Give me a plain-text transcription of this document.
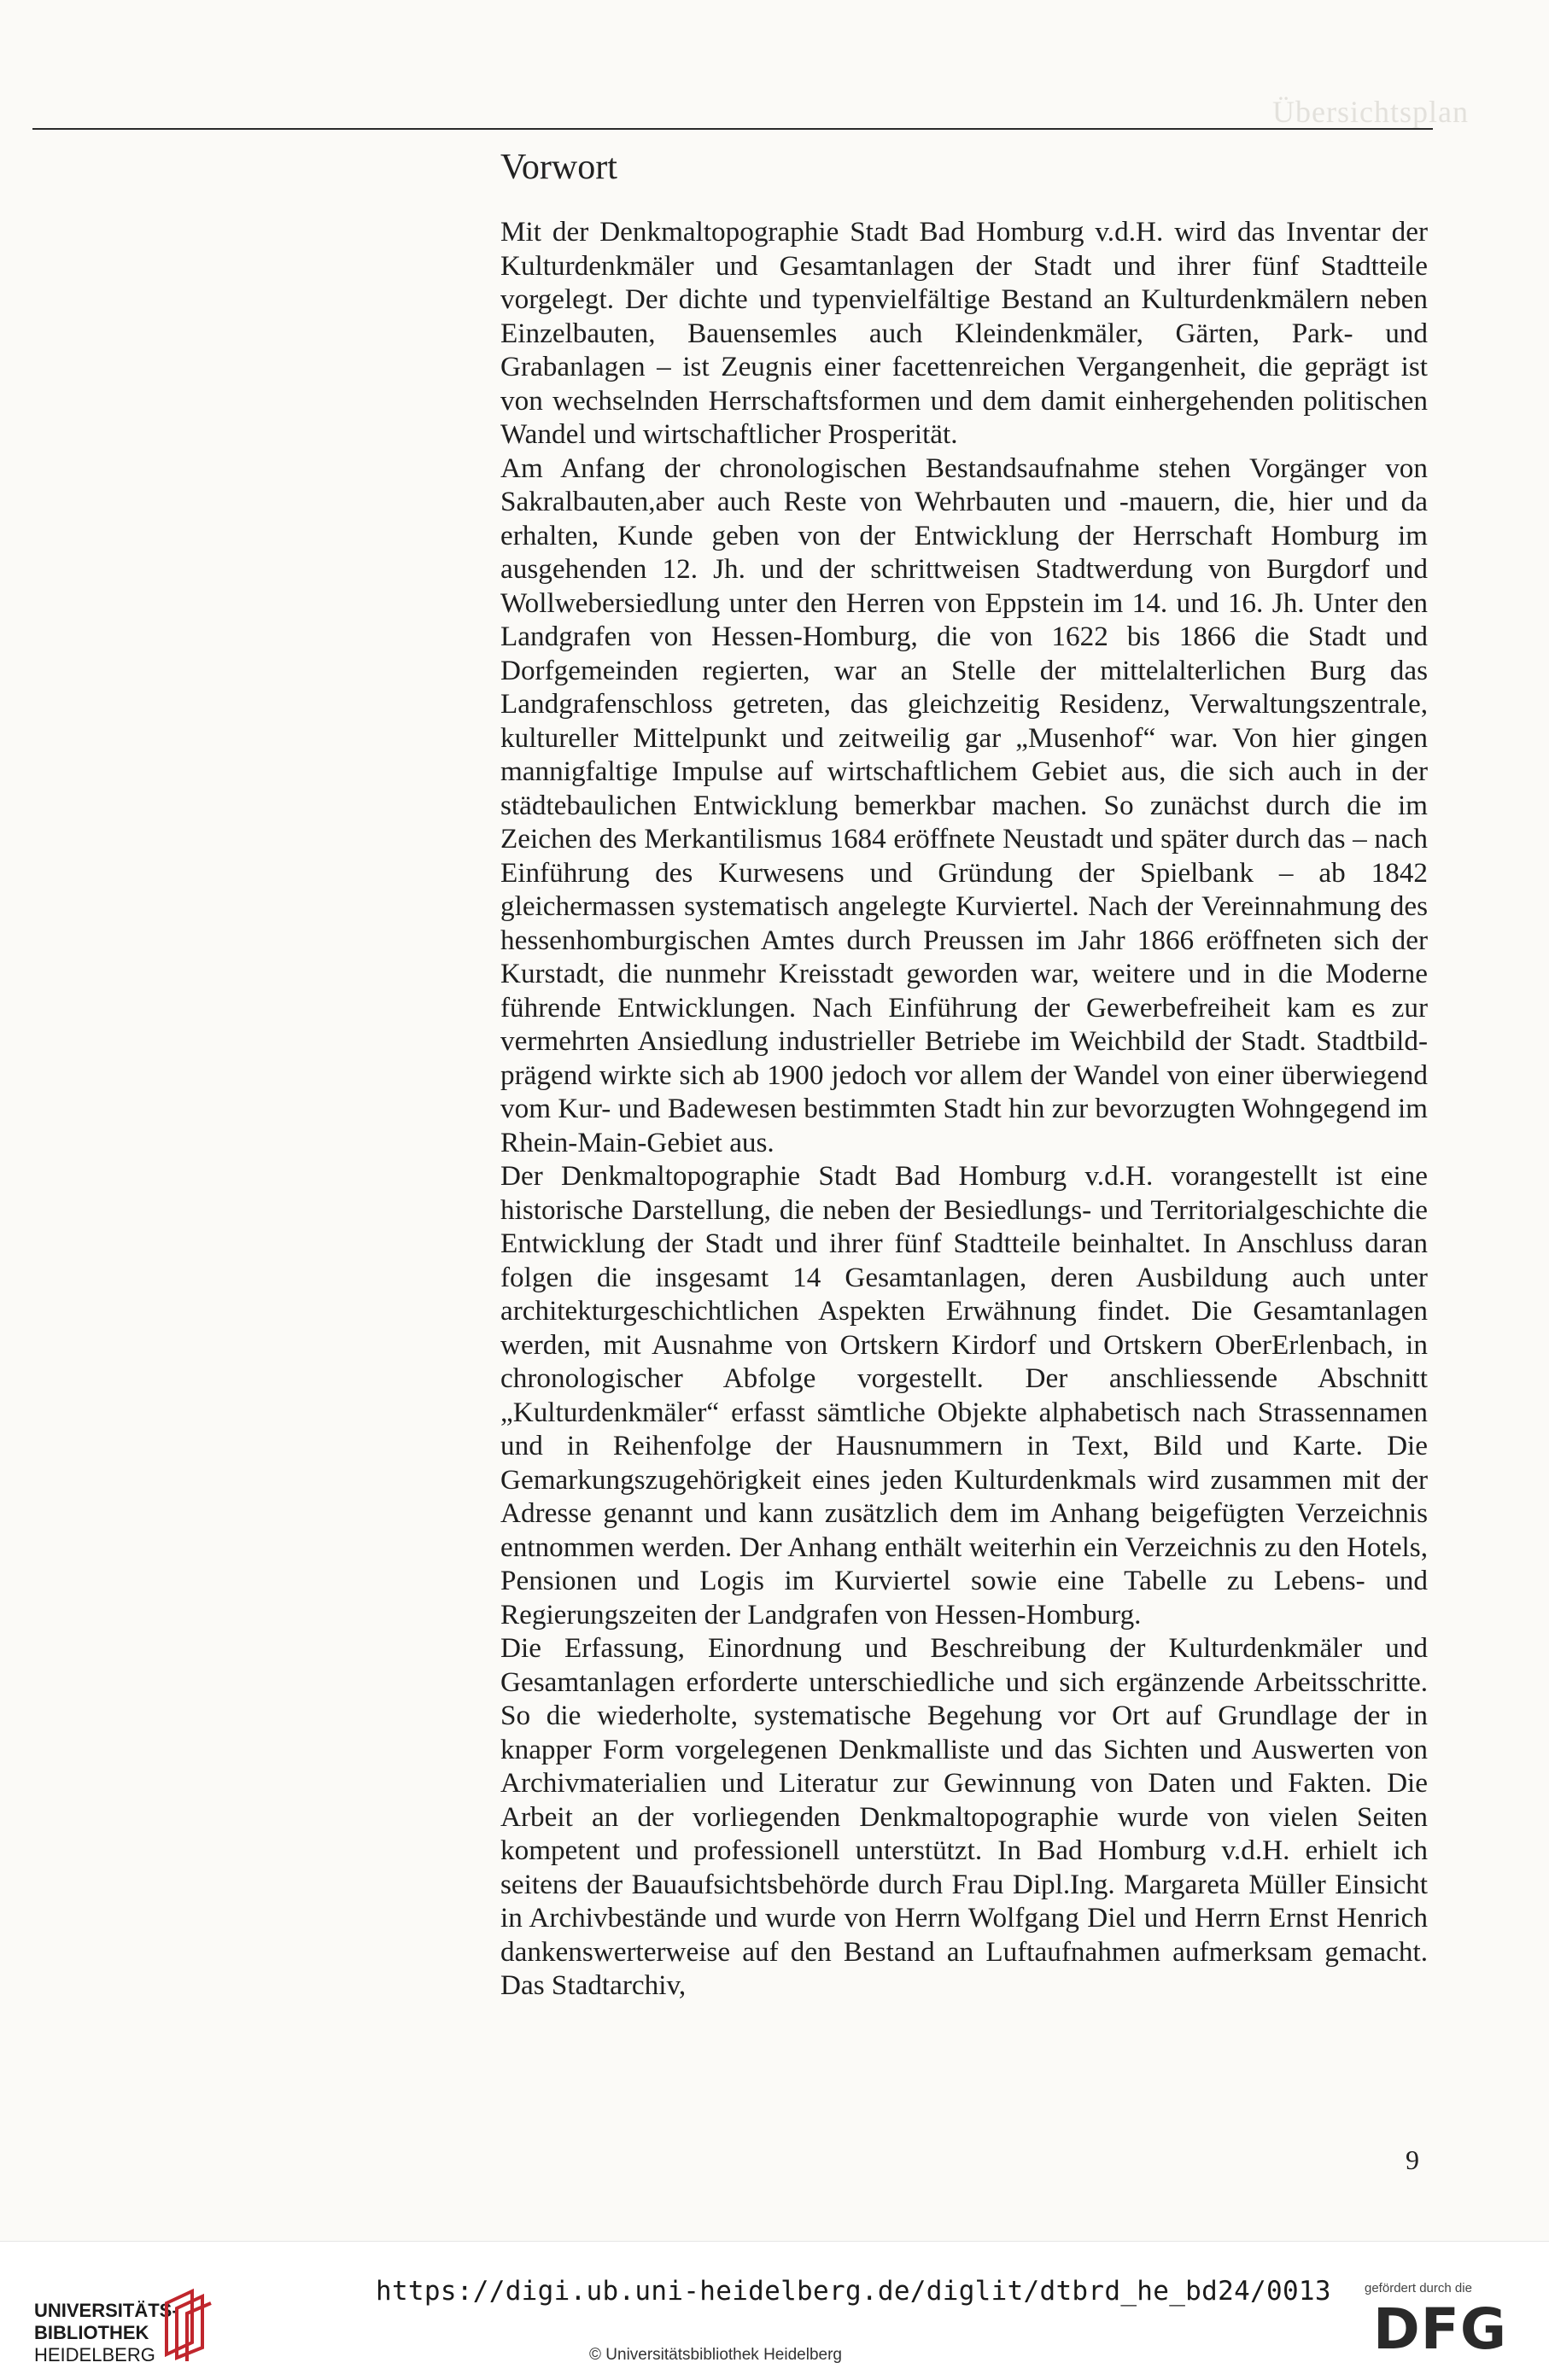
Übersichtsplan
Vorwort

Mit der Denkmaltopographie Stadt Bad Homburg v.d.H. wird das Inventar der Kulturdenkmäler und Gesamtanlagen der Stadt und ihrer fünf Stadtteile vorgelegt. Der dichte und typenvielfältige Bestand an Kulturdenkmälern neben Einzelbauten, Bauensemles auch Kleindenkmäler, Gärten, Park- und Grabanlagen – ist Zeugnis einer facettenreichen Vergangenheit, die geprägt ist von wechselnden Herrschaftsformen und dem damit einhergehenden politischen Wandel und wirtschaftlicher Prosperität.

Am Anfang der chronologischen Bestandsaufnahme stehen Vorgänger von Sakralbauten,aber auch Reste von Wehrbauten und -mauern, die, hier und da erhalten, Kunde geben von der Entwicklung der Herrschaft Homburg im ausgehenden 12. Jh. und der schrittweisen Stadtwerdung von Burgdorf und Wollwebersiedlung unter den Herren von Eppstein im 14. und 16. Jh. Unter den Landgrafen von Hessen-Homburg, die von 1622 bis 1866 die Stadt und Dorfgemeinden regierten, war an Stelle der mittelalterlichen Burg das Landgrafenschloss getreten, das gleichzeitig Residenz, Verwaltungszentrale, kultureller Mittelpunkt und zeitweilig gar „Musenhof“ war. Von hier gingen mannigfaltige Impulse auf wirtschaftlichem Gebiet aus, die sich auch in der städtebaulichen Entwicklung bemerkbar machen. So zunächst durch die im Zeichen des Merkantilismus 1684 eröffnete Neustadt und später durch das – nach Einführung des Kurwesens und Gründung der Spielbank – ab 1842 gleichermassen systematisch angelegte Kurviertel. Nach der Vereinnahmung des hessenhomburgischen Amtes durch Preussen im Jahr 1866 eröffneten sich der Kurstadt, die nunmehr Kreisstadt geworden war, weitere und in die Moderne führende Entwicklungen. Nach Einführung der Gewerbefreiheit kam es zur vermehrten Ansiedlung industrieller Betriebe im Weichbild der Stadt. Stadtbildprägend wirkte sich ab 1900 jedoch vor allem der Wandel von einer überwiegend vom Kur- und Badewesen bestimmten Stadt hin zur bevorzugten Wohngegend im Rhein-Main-Gebiet aus.

Der Denkmaltopographie Stadt Bad Homburg v.d.H. vorangestellt ist eine historische Darstellung, die neben der Besiedlungs- und Territorialgeschichte die Entwicklung der Stadt und ihrer fünf Stadtteile beinhaltet. In Anschluss daran folgen die insgesamt 14 Gesamtanlagen, deren Ausbildung auch unter architekturgeschichtlichen Aspekten Erwähnung findet. Die Gesamtanlagen werden, mit Ausnahme von Ortskern Kirdorf und Ortskern OberErlenbach, in chronologischer Abfolge vorgestellt. Der anschliessende Abschnitt „Kulturdenkmäler“ erfasst sämtliche Objekte alphabetisch nach Strassennamen und in Reihenfolge der Hausnummern in Text, Bild und Karte. Die Gemarkungszugehörigkeit eines jeden Kulturdenkmals wird zusammen mit der Adresse genannt und kann zusätzlich dem im Anhang beigefügten Verzeichnis entnommen werden. Der Anhang enthält weiterhin ein Verzeichnis zu den Hotels, Pensionen und Logis im Kurviertel sowie eine Tabelle zu Lebens- und Regierungszeiten der Landgrafen von Hessen-Homburg.

Die Erfassung, Einordnung und Beschreibung der Kulturdenkmäler und Gesamtanlagen erforderte unterschiedliche und sich ergänzende Arbeitsschritte. So die wiederholte, systematische Begehung vor Ort auf Grundlage der in knapper Form vorgelegenen Denkmalliste und das Sichten und Auswerten von Archivmaterialien und Literatur zur Gewinnung von Daten und Fakten. Die Arbeit an der vorliegenden Denkmaltopographie wurde von vielen Seiten kompetent und professionell unterstützt. In Bad Homburg v.d.H. erhielt ich seitens der Bauaufsichtsbehörde durch Frau Dipl.Ing. Margareta Müller Einsicht in Archivbestände und wurde von Herrn Wolfgang Diel und Herrn Ernst Henrich dankenswerterweise auf den Bestand an Luftaufnahmen aufmerksam gemacht. Das Stadtarchiv,

9
UNIVERSITÄTS-
BIBLIOTHEK
HEIDELBERG
https://digi.ub.uni-heidelberg.de/diglit/dtbrd_he_bd24/0013
© Universitätsbibliothek Heidelberg
gefördert durch die
DFG
